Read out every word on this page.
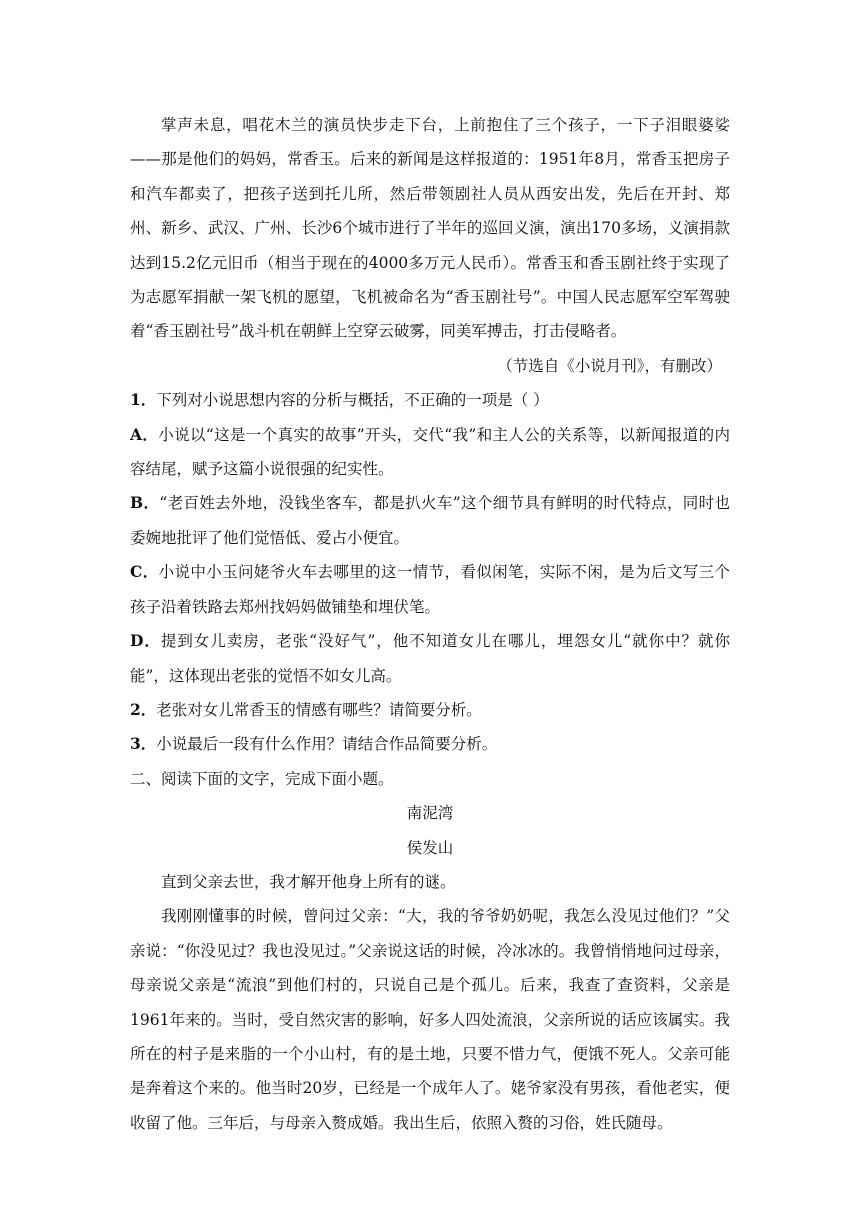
掌声未息，唱花木兰的演员快步走下台，上前抱住了三个孩子，一下子泪眼婆娑——那是他们的妈妈，常香玉。后来的新闻是这样报道的：1951年8月，常香玉把房子和汽车都卖了，把孩子送到托儿所，然后带领剧社人员从西安出发，先后在开封、郑州、新乡、武汉、广州、长沙6个城市进行了半年的巡回义演，演出170多场，义演捐款达到15.2亿元旧币（相当于现在的4000多万元人民币）。常香玉和香玉剧社终于实现了为志愿军捐献一架飞机的愿望，飞机被命名为“香玉剧社号”。中国人民志愿军空军驾驶着“香玉剧社号”战斗机在朝鲜上空穿云破雾，同美军搏击，打击侵略者。

（节选自《小说月刊》，有删改）

1．下列对小说思想内容的分析与概括，不正确的一项是（ ）

A．小说以“这是一个真实的故事”开头，交代“我”和主人公的关系等，以新闻报道的内容结尾，赋予这篇小说很强的纪实性。

B．“老百姓去外地，没钱坐客车，都是扒火车”这个细节具有鲜明的时代特点，同时也委婉地批评了他们觉悟低、爱占小便宜。

C．小说中小玉问姥爷火车去哪里的这一情节，看似闲笔，实际不闲，是为后文写三个孩子沿着铁路去郑州找妈妈做铺垫和埋伏笔。

D．提到女儿卖房，老张“没好气”，他不知道女儿在哪儿，埋怨女儿“就你中？就你能”，这体现出老张的觉悟不如女儿高。

2．老张对女儿常香玉的情感有哪些？请简要分析。

3．小说最后一段有什么作用？请结合作品简要分析。

二、阅读下面的文字，完成下面小题。

南泥湾

侯发山

直到父亲去世，我才解开他身上所有的谜。

我刚刚懂事的时候，曾问过父亲：“大，我的爷爷奶奶呢，我怎么没见过他们？”父亲说：“你没见过？我也没见过。”父亲说这话的时候，冷冰冰的。我曾悄悄地问过母亲，母亲说父亲是“流浪”到他们村的，只说自己是个孤儿。后来，我查了查资料，父亲是1961年来的。当时，受自然灾害的影响，好多人四处流浪，父亲所说的话应该属实。我所在的村子是来脂的一个小山村，有的是土地，只要不惜力气，便饿不死人。父亲可能是奔着这个来的。他当时20岁，已经是一个成年人了。姥爷家没有男孩，看他老实，便收留了他。三年后，与母亲入赘成婚。我出生后，依照入赘的习俗，姓氏随母。
